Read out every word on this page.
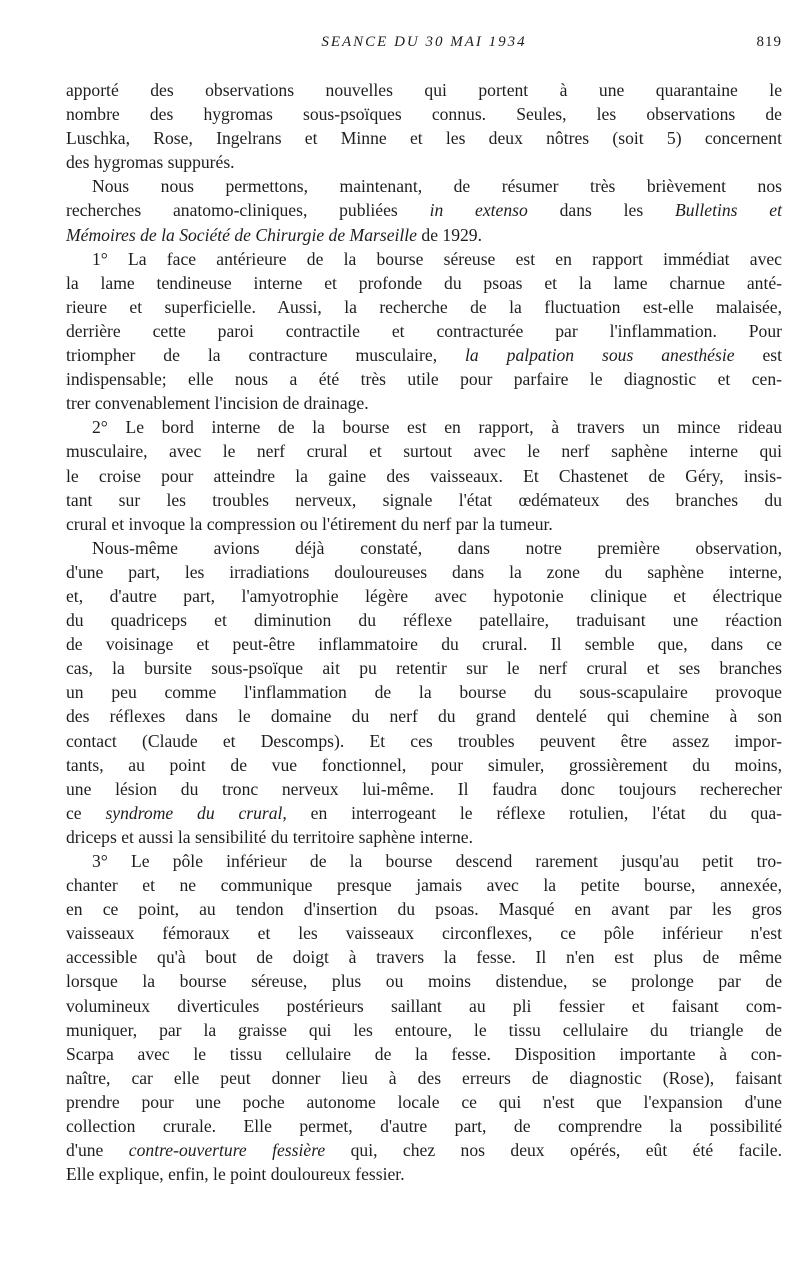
SEANCE DU 30 MAI 1934	819
apporté des observations nouvelles qui portent à une quarantaine le
nombre des hygromas sous-psoïques connus. Seules, les observations de
Luschka, Rose, Ingelrans et Minne et les deux nôtres (soit 5) concernent
des hygromas suppurés.
Nous nous permettons, maintenant, de résumer très brièvement nos
recherches anatomo-cliniques, publiées in extenso dans les Bulletins et
Mémoires de la Société de Chirurgie de Marseille de 1929.
1° La face antérieure de la bourse séreuse est en rapport immédiat avec
la lame tendineuse interne et profonde du psoas et la lame charnue anté-
rieure et superficielle. Aussi, la recherche de la fluctuation est-elle malaisée,
derrière cette paroi contractile et contracturée par l'inflammation. Pour
triompher de la contracture musculaire, la palpation sous anesthésie est
indispensable; elle nous a été très utile pour parfaire le diagnostic et cen-
trer convenablement l'incision de drainage.
2° Le bord interne de la bourse est en rapport, à travers un mince rideau
musculaire, avec le nerf crural et surtout avec le nerf saphène interne qui
le croise pour atteindre la gaine des vaisseaux. Et Chastenet de Géry, insis-
tant sur les troubles nerveux, signale l'état œdémateux des branches du
crural et invoque la compression ou l'étirement du nerf par la tumeur.
Nous-même avions déjà constaté, dans notre première observation,
d'une part, les irradiations douloureuses dans la zone du saphène interne,
et, d'autre part, l'amyotrophie légère avec hypotonie clinique et électrique
du quadriceps et diminution du réflexe patellaire, traduisant une réaction
de voisinage et peut-être inflammatoire du crural. Il semble que, dans ce
cas, la bursite sous-psoïque ait pu retentir sur le nerf crural et ses branches
un peu comme l'inflammation de la bourse du sous-scapulaire provoque
des réflexes dans le domaine du nerf du grand dentelé qui chemine à son
contact (Claude et Descomps). Et ces troubles peuvent être assez impor-
tants, au point de vue fonctionnel, pour simuler, grossièrement du moins,
une lésion du tronc nerveux lui-même. Il faudra donc toujours recherecher
ce syndrome du crural, en interrogeant le réflexe rotulien, l'état du qua-
driceps et aussi la sensibilité du territoire saphène interne.
3° Le pôle inférieur de la bourse descend rarement jusqu'au petit tro-
chanter et ne communique presque jamais avec la petite bourse, annexée,
en ce point, au tendon d'insertion du psoas. Masqué en avant par les gros
vaisseaux fémoraux et les vaisseaux circonflexes, ce pôle inférieur n'est
accessible qu'à bout de doigt à travers la fesse. Il n'en est plus de même
lorsque la bourse séreuse, plus ou moins distendue, se prolonge par de
volumineux diverticules postérieurs saillant au pli fessier et faisant com-
muniquer, par la graisse qui les entoure, le tissu cellulaire du triangle de
Scarpa avec le tissu cellulaire de la fesse. Disposition importante à con-
naître, car elle peut donner lieu à des erreurs de diagnostic (Rose), faisant
prendre pour une poche autonome locale ce qui n'est que l'expansion d'une
collection crurale. Elle permet, d'autre part, de comprendre la possibilité
d'une contre-ouverture fessière qui, chez nos deux opérés, eût été facile.
Elle explique, enfin, le point douloureux fessier.
